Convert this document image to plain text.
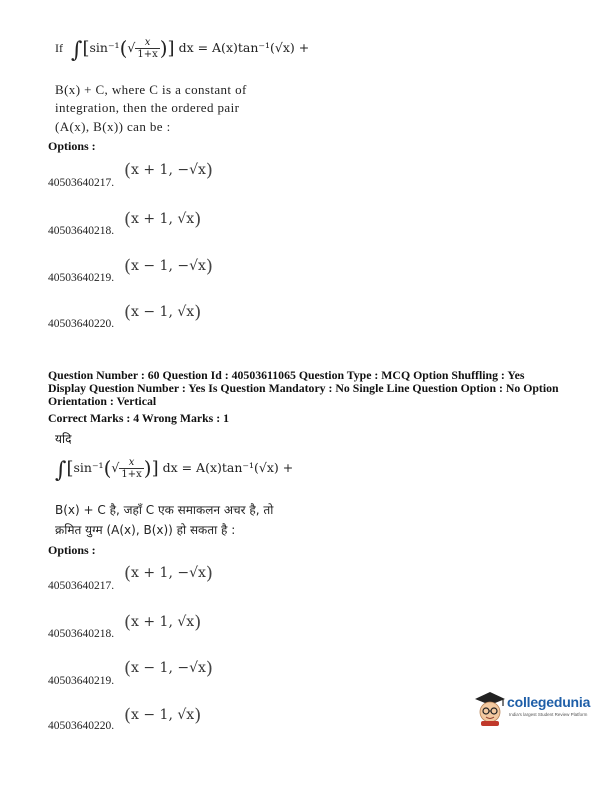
If $\int[\sin^{-1}(√ \frac{x}{1+x}$ )] dx = A(x)tan⁻¹(√x) +
B(x) + C, where C is a constant of
integration, then the ordered pair
(A(x), B(x)) can be :
Options :
(x + 1, −√x)
40503640217.
(x + 1, √x)
40503640218.
(x − 1, −√x)
40503640219.
(x − 1, √x)
40503640220.
Question Number : 60 Question Id : 40503611065 Question Type : MCQ Option Shuffling : Yes
Display Question Number : Yes Is Question Mandatory : No Single Line Question Option : No Option
Orientation : Vertical
Correct Marks : 4 Wrong Marks : 1
यदि
$\int[\sin^{-1}(√ \frac{x}{1+x}$ )] dx = A(x)tan⁻¹(√x) +
B(x) + C है, जहाँ C एक समाकलन अचर है, तो
क्रमित युग्म (A(x), B(x)) हो सकता है :
Options :
(x + 1, −√x)
40503640217.
(x + 1, √x)
40503640218.
(x − 1, −√x)
40503640219.
(x − 1, √x)
40503640220.
collegedunia
India's largest Student Review Platform
